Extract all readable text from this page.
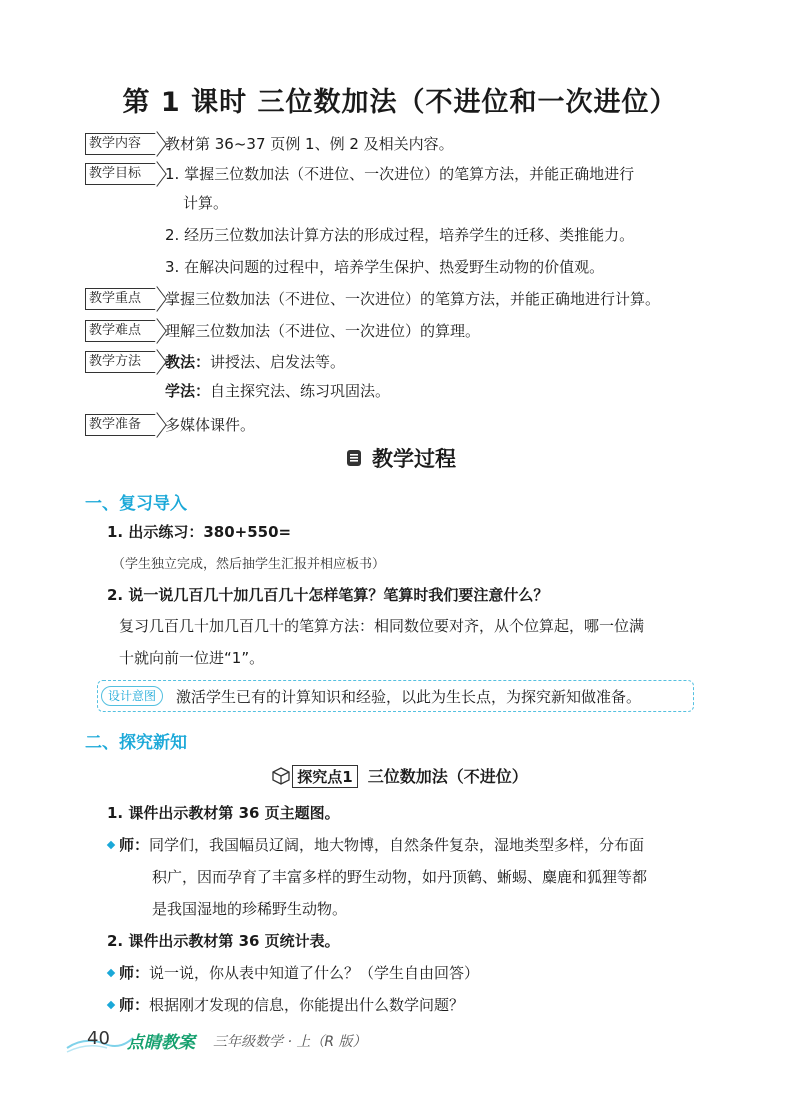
第 1 课时 三位数加法（不进位和一次进位）
教学内容	教材第 36~37 页例 1、例 2 及相关内容。
教学目标	1. 掌握三位数加法（不进位、一次进位）的笔算方法，并能正确地进行
计算。
2. 经历三位数加法计算方法的形成过程，培养学生的迁移、类推能力。
3. 在解决问题的过程中，培养学生保护、热爱野生动物的价值观。
教学重点	掌握三位数加法（不进位、一次进位）的笔算方法，并能正确地进行计算。
教学难点	理解三位数加法（不进位、一次进位）的算理。
教学方法	教法：讲授法、启发法等。
学法：自主探究法、练习巩固法。
教学准备	多媒体课件。
教学过程
一、复习导入
1. 出示练习：380+550=
（学生独立完成，然后抽学生汇报并相应板书）
2. 说一说几百几十加几百几十怎样笔算？笔算时我们要注意什么？
复习几百几十加几百几十的笔算方法：相同数位要对齐，从个位算起，哪一位满
十就向前一位进“1”。
设计意图	激活学生已有的计算知识和经验，以此为生长点，为探究新知做准备。
二、探究新知
探究点1 三位数加法（不进位）
1. 课件出示教材第 36 页主题图。
师：同学们，我国幅员辽阔，地大物博，自然条件复杂，湿地类型多样，分布面
积广，因而孕育了丰富多样的野生动物，如丹顶鹤、蜥蜴、麋鹿和狐狸等都
是我国湿地的珍稀野生动物。
2. 课件出示教材第 36 页统计表。
师：说一说，你从表中知道了什么？（学生自由回答）
师：根据刚才发现的信息，你能提出什么数学问题？
40 点睛教案 三年级数学 · 上（R 版）
